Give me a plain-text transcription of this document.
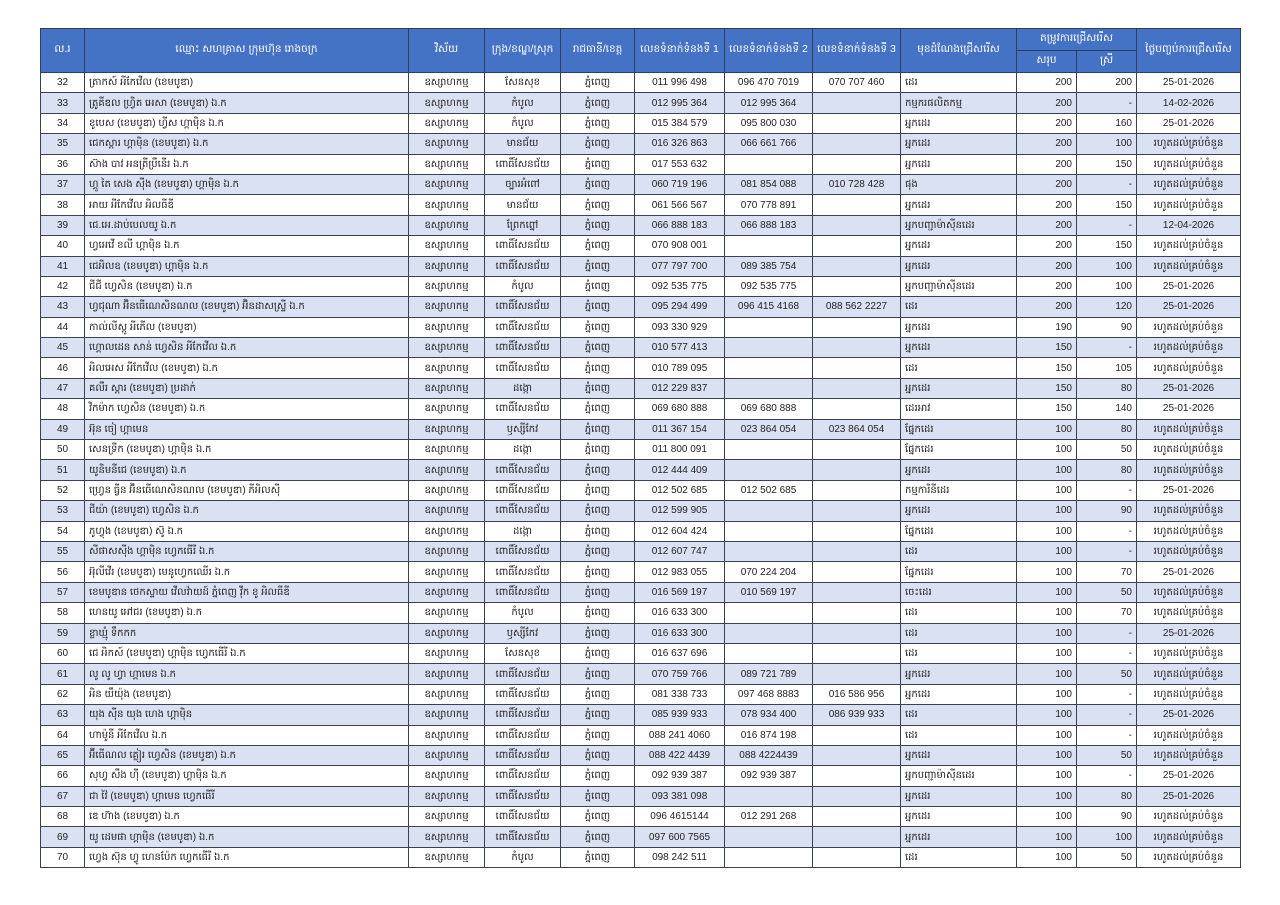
ល.រ	ឈ្មោះ សហគ្រាស ក្រុមហ៊ុន រោងចក្រ	វិស័យ	ក្រុង/ខណ្ឌ/ស្រុក	រាជធានី/ខេត្ត	លេខទំនាក់ទំនងទី 1	លេខទំនាក់ទំនងទី 2	លេខទំនាក់ទំនងទី 3	មុខដំណែងជ្រើសរើស	តម្រូវការជ្រើសរើស		ថ្ងៃបញ្ចប់ការជ្រើសរើស
									សរុប	ស្រី	
32	ត្រាកស៍ អីកែវើល (ខេមបូឌា)	ឧស្សាហកម្ម	សែនសុខ	ភ្នំពេញ	011 996 498	096 470 7019	070 707 460	ដេរ	200	200	25-01-2026
33	ត្រូគីឌល ហ្វ្រិត អេសា (ខេមបូឌា) ឯ.ក	ឧស្សាហកម្ម	កំបូល	ភ្នំពេញ	012 995 364	012 995 364		កម្មករផលិតកម្ម	200	-	14-02-2026
34	ខូបេស (ខេមបូឌា) ហ្វីស ហ្គាម៉ិន ឯ.ក	ឧស្សាហកម្ម	កំបូល	ភ្នំពេញ	015 384 579	095 800 030		អ្នកដេរ	200	160	25-01-2026
35	ជេកស្តារ ហ្គាម៉ិន (ខេមបូឌា) ឯ.ក	ឧស្សាហកម្ម	មានជ័យ	ភ្នំពេញ	016 326 863	066 661 766		អ្នកដេរ	200	100	រហូតដល់គ្រប់ចំនួន
36	ស៊ាង បាវ អនត្រីប្រឺនើរ ឯ.ក	ឧស្សាហកម្ម	ពោធិ៍សែនជ័យ	ភ្នំពេញ	017 553 632			អ្នកដេរ	200	150	រហូតដល់គ្រប់ចំនួន
37	ហ្គូ តៃ សេង ស៊ីង (ខេមបូឌា) ហ្គាម៉ិន ឯ.ក	ឧស្សាហកម្ម	ច្បារអំពៅ	ភ្នំពេញ	060 719 196	081 854 088	010 728 428	ផុង	200	-	រហូតដល់គ្រប់ចំនួន
38	អាយ អីកែវើល អិលធីឌី	ឧស្សាហកម្ម	មានជ័យ	ភ្នំពេញ	061 566 567	070 778 891		អ្នកដេរ	200	150	រហូតដល់គ្រប់ចំនួន
39	ជេ.អេ.ដាប់បេលយូ ឯ.ក	ឧស្សាហកម្ម	ព្រែកព្នៅ	ភ្នំពេញ	066 888 183	066 888 183		អ្នកបញ្ជាម៉ាស៊ីនដេរ	200	-	12-04-2026
40	ហ្វអេវើ ខលី ហ្គាម៉ិន ឯ.ក	ឧស្សាហកម្ម	ពោធិ៍សែនជ័យ	ភ្នំពេញ	070 908 001			អ្នកដេរ	200	150	រហូតដល់គ្រប់ចំនួន
41	ជេអិលឧ (ខេមបូឌា) ហ្គាម៉ិន ឯ.ក	ឧស្សាហកម្ម	ពោធិ៍សែនជ័យ	ភ្នំពេញ	077 797 700	089 385 754		អ្នកដេរ	200	100	រហូតដល់គ្រប់ចំនួន
42	ជីជី ហ្វេសិន (ខេមបូឌា) ឯ.ក	ឧស្សាហកម្ម	កំបូល	ភ្នំពេញ	092 535 775	092 535 775		អ្នកបញ្ជាម៉ាស៊ីនដេរ	200	100	25-01-2026
43	ហ្វជុណា អ៊ិនធើណេសិនណល (ខេមបូឌា) អ៊ិនដាសស្រ្ទី ឯ.ក	ឧស្សាហកម្ម	ពោធិ៍សែនជ័យ	ភ្នំពេញ	095 294 499	096 415 4168	088 562 2227	ដេរ	200	120	25-01-2026
44	កាល់លីស្តូ អីភើល (ខេមបូឌា)	ឧស្សាហកម្ម	ពោធិ៍សែនជ័យ	ភ្នំពេញ	093 330 929			អ្នកដេរ	190	90	រហូតដល់គ្រប់ចំនួន
45	ហ្គោលដេន សាន់ ហ្វេសិន អីកែវើល ឯ.ក	ឧស្សាហកម្ម	ពោធិ៍សែនជ័យ	ភ្នំពេញ	010 577 413			អ្នកដេរ	150	-	រហូតដល់គ្រប់ចំនួន
46	អិលអេស អីកែវើល (ខេមបូឌា) ឯ.ក	ឧស្សាហកម្ម	ពោធិ៍សែនជ័យ	ភ្នំពេញ	010 789 095			ដេរ	150	105	រហូតដល់គ្រប់ចំនួន
47	គលឺរ ស្តារ (ខេមបូឌា) ប្រដាក់	ឧស្សាហកម្ម	ដង្កោ	ភ្នំពេញ	012 229 837			អ្នកដេរ	150	80	25-01-2026
48	វិកម៉ាក ហ្វេសិន (ខេមបូឌា) ឯ.ក	ឧស្សាហកម្ម	ពោធិ៍សែនជ័យ	ភ្នំពេញ	069 680 888	069 680 888		ដេរអាវ	150	140	25-01-2026
49	អ៊ុន ចៀ ហ្គាមេន	ឧស្សាហកម្ម	ឫស្សីកែវ	ភ្នំពេញ	011 367 154	023 864 054	023 864 054	ផ្នែកដេរ	100	80	រហូតដល់គ្រប់ចំនួន
50	សេនទ្រីក (ខេមបូឌា) ហ្គាម៉ិន ឯ.ក	ឧស្សាហកម្ម	ដង្កោ	ភ្នំពេញ	011 800 091			ផ្នែកដេរ	100	50	រហូតដល់គ្រប់ចំនួន
51	យូនិមនីជេ (ខេមបូឌា) ឯ.ក	ឧស្សាហកម្ម	ពោធិ៍សែនជ័យ	ភ្នំពេញ	012 444 409			អ្នកដេរ	100	80	រហូតដល់គ្រប់ចំនួន
52	ហ្វ្រេន ធ្វីន អ៊ិនធើណេសិនណល (ខេមបូឌា) ភីអិលស៊ី	ឧស្សាហកម្ម	ពោធិ៍សែនជ័យ	ភ្នំពេញ	012 502 685	012 502 685		កម្មការិនីដេរ	100	-	25-01-2026
53	ជីយ៉ា (ខេមបូឌា) ហ្វេសិន ឯ.ក	ឧស្សាហកម្ម	ពោធិ៍សែនជ័យ	ភ្នំពេញ	012 599 905			អ្នកដេរ	100	90	រហូតដល់គ្រប់ចំនួន
54	ភូហ្វុង (ខេមបូឌា) ស៊ូ ឯ.ក	ឧស្សាហកម្ម	ដង្កោ	ភ្នំពេញ	012 604 424			ផ្នែកដេរ	100	-	រហូតដល់គ្រប់ចំនួន
55	សីផាសស៊ីង ហ្គាម៉ិន ហ្វេកធើរី ឯ.ក	ឧស្សាហកម្ម	ពោធិ៍សែនជ័យ	ភ្នំពេញ	012 607 747			ដេរ	100	-	រហូតដល់គ្រប់ចំនួន
56	អ៊ុលីវើរ (ខេមបូឌា) មេនូហ្វេកឈើរ ឯ.ក	ឧស្សាហកម្ម	ពោធិ៍សែនជ័យ	ភ្នំពេញ	012 983 055	070 224 204		ផ្នែកដេរ	100	70	25-01-2026
57	ខេមបូឌាន ថេកស្ទាយ វើលវ៉ាយដ៍ ភ្នំពេញ វ៉ីក ខូ អិលធីឌី	ឧស្សាហកម្ម	ពោធិ៍សែនជ័យ	ភ្នំពេញ	016 569 197	010 569 197		ចេះដេរ	100	50	រហូតដល់គ្រប់ចំនួន
58	ហេនយូ អៅជរ (ខេមបូឌា) ឯ.ក	ឧស្សាហកម្ម	កំបូល	ភ្នំពេញ	016 633 300			ដេរ	100	70	រហូតដល់គ្រប់ចំនួន
59	ខ្លាឃ្មុំ ទឹកកក	ឧស្សាហកម្ម	ឫស្សីកែវ	ភ្នំពេញ	016 633 300			ដេរ	100	-	25-01-2026
60	ជេ អិកស៍ (ខេមបូឌា) ហ្គាម៉ិន ហ្វេកធើរី ឯ.ក	ឧស្សាហកម្ម	សែនសុខ	ភ្នំពេញ	016 637 696			ដេរ	100	-	រហូតដល់គ្រប់ចំនួន
61	លូ លូ ហ្វា ហ្គាមេន ឯ.ក	ឧស្សាហកម្ម	ពោធិ៍សែនជ័យ	ភ្នំពេញ	070 759 766	089 721 789		អ្នកដេរ	100	50	រហូតដល់គ្រប់ចំនួន
62	អិន យឹយ៉ុង (ខេមបូឌា)	ឧស្សាហកម្ម	ពោធិ៍សែនជ័យ	ភ្នំពេញ	081 338 733	097 468 8883	016 586 956	អ្នកដេរ	100	-	រហូតដល់គ្រប់ចំនួន
63	យុង ស៊ីន យុង ហេង ហ្គាម៉ិន	ឧស្សាហកម្ម	ពោធិ៍សែនជ័យ	ភ្នំពេញ	085 939 933	078 934 400	086 939 933	ដេរ	100	-	25-01-2026
64	ហាម៉ូនី អីកែវើល ឯ.ក	ឧស្សាហកម្ម	ពោធិ៍សែនជ័យ	ភ្នំពេញ	088 241 4060	016 874 198		ដេរ	100	-	រហូតដល់គ្រប់ចំនួន
65	អ៊ីធើណល គ្លៀរ ហ្វេសិន (ខេមបូឌា) ឯ.ក	ឧស្សាហកម្ម	ពោធិ៍សែនជ័យ	ភ្នំពេញ	088 422 4439	088 4224439		អ្នកដេរ	100	50	រហូតដល់គ្រប់ចំនួន
66	សុហ្វ សឹង ហ៊ី (ខេមបូឌា) ហ្គាម៉ិន ឯ.ក	ឧស្សាហកម្ម	ពោធិ៍សែនជ័យ	ភ្នំពេញ	092 939 387	092 939 387		អ្នកបញ្ជាម៉ាស៊ីនដេរ	100	-	25-01-2026
67	ជា វ៉ៃ (ខេមបូឌា) ហ្គាមេន ហ្វេកធើរី	ឧស្សាហកម្ម	ពោធិ៍សែនជ័យ	ភ្នំពេញ	093 381 098			អ្នកដេរ	100	80	25-01-2026
68	ឌេ ហ៊ាង (ខេមបូឌា) ឯ.ក	ឧស្សាហកម្ម	ពោធិ៍សែនជ័យ	ភ្នំពេញ	096 4615144	012 291 268		អ្នកដេរ	100	90	រហូតដល់គ្រប់ចំនួន
69	យូ ដេមផា ហ្គាម៉ិន (ខេមបូឌា) ឯ.ក	ឧស្សាហកម្ម	ពោធិ៍សែនជ័យ	ភ្នំពេញ	097 600 7565			អ្នកដេរ	100	100	រហូតដល់គ្រប់ចំនួន
70	ហ្វេង ស៊ុន ហ្វូ ហេនប៉ែក ហ្វេកធើរី ឯ.ក	ឧស្សាហកម្ម	កំបូល	ភ្នំពេញ	098 242 511			ដេរ	100	50	រហូតដល់គ្រប់ចំនួន
